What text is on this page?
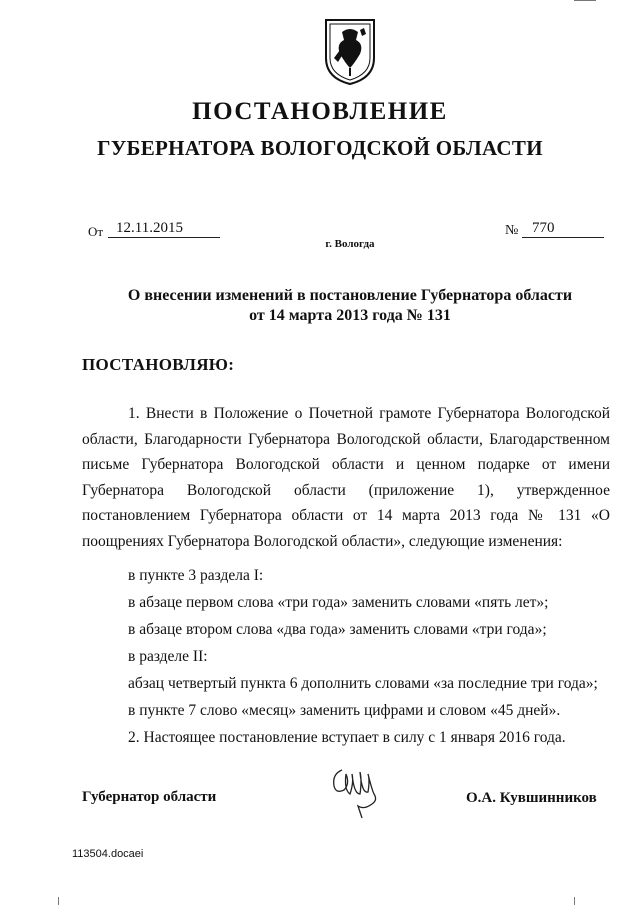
ПОСТАНОВЛЕНИЕ
ГУБЕРНАТОРА ВОЛОГОДСКОЙ ОБЛАСТИ
От 12.11.2015	№ 770
г. Вологда
О внесении изменений в постановление Губернатора области
от 14 марта 2013 года № 131
ПОСТАНОВЛЯЮ:
1. Внести в Положение о Почетной грамоте Губернатора Вологодской области, Благодарности Губернатора Вологодской области, Благодарственном письме Губернатора Вологодской области и ценном подарке от имени Губернатора Вологодской области (приложение 1), утвержденное постановлением Губернатора области от 14 марта 2013 года № 131 «О поощрениях Губернатора Вологодской области», следующие изменения:
в пункте 3 раздела I:
в абзаце первом слова «три года» заменить словами «пять лет»;
в абзаце втором слова «два года» заменить словами «три года»;
в разделе II:
абзац четвертый пункта 6 дополнить словами «за последние три года»;
в пункте 7 слово «месяц» заменить цифрами и словом «45 дней».
2. Настоящее постановление вступает в силу с 1 января 2016 года.
Губернатор области	О.А. Кувшинников
113504.docaei
